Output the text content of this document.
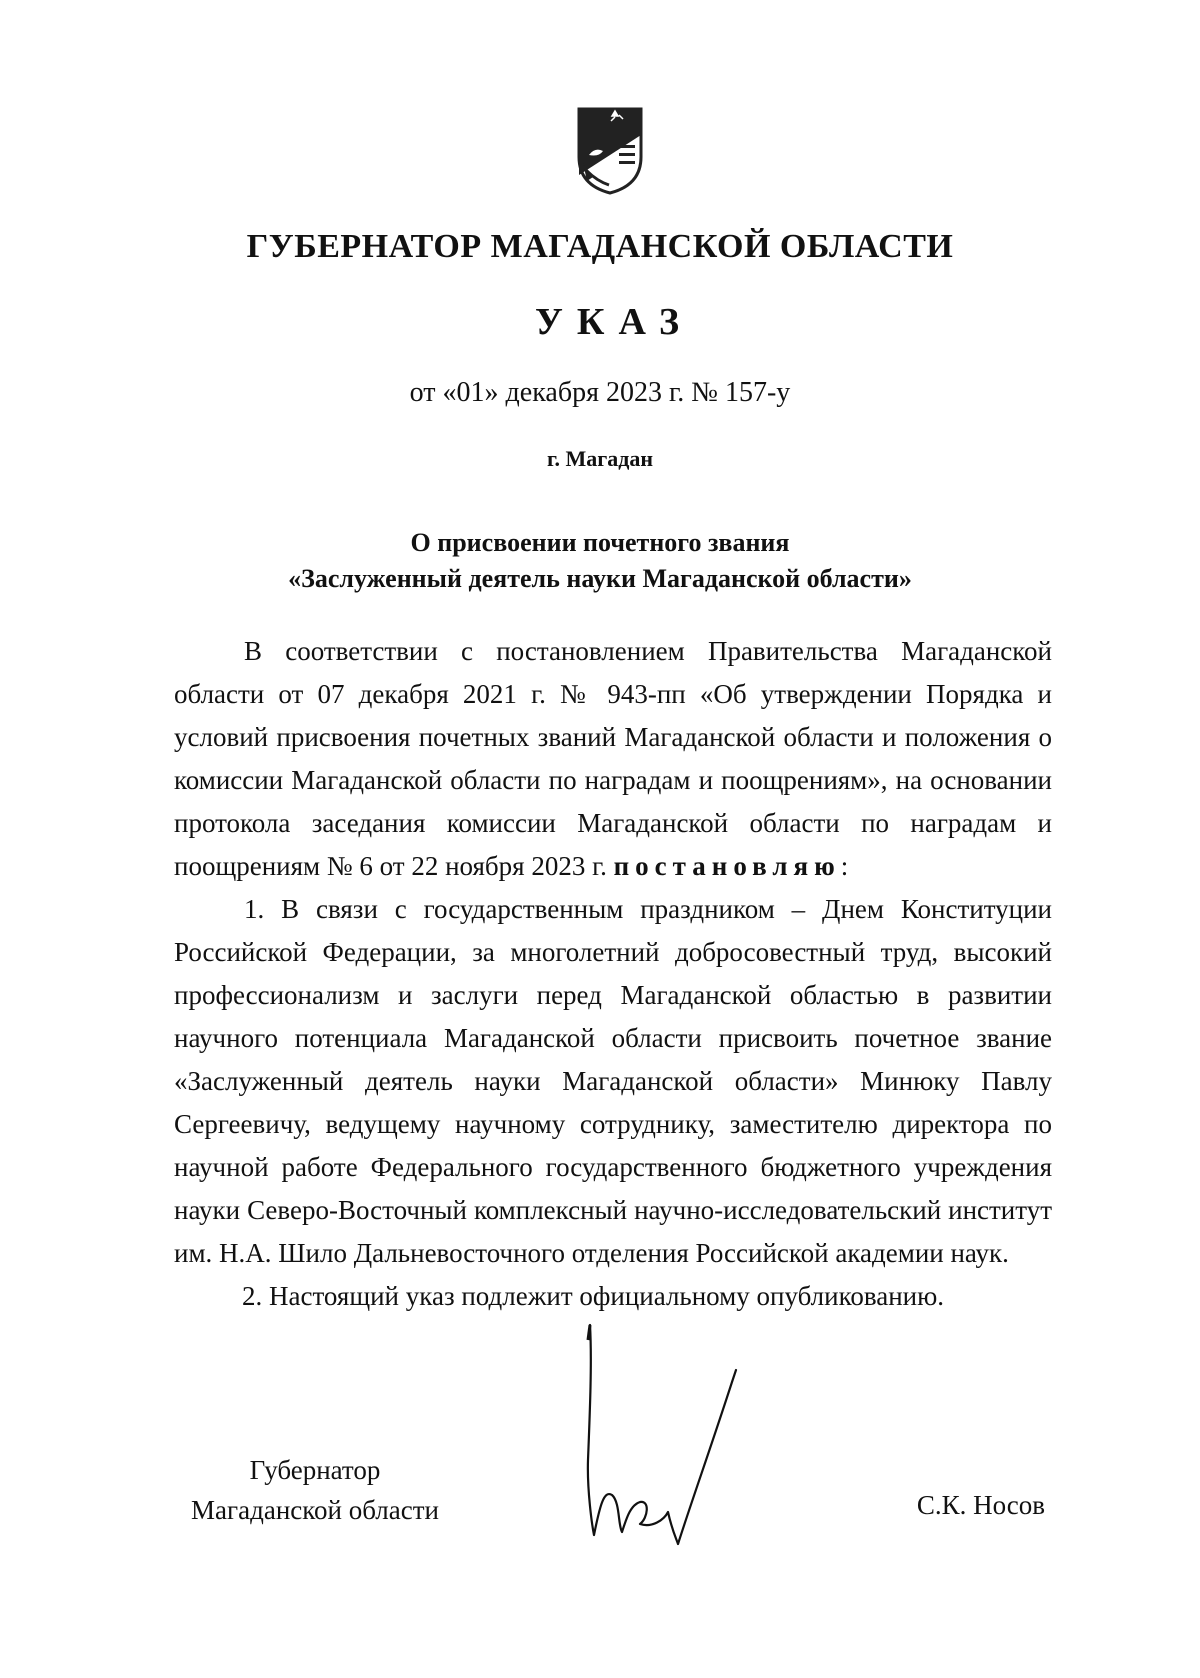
ГУБЕРНАТОР МАГАДАНСКОЙ ОБЛАСТИ
УКАЗ
от «01» декабря 2023 г. № 157-у
г. Магадан
О присвоении почетного звания
«Заслуженный деятель науки Магаданской области»

В соответствии с постановлением Правительства Магаданской области от 07 декабря 2021 г. № 943-пп «Об утверждении Порядка и условий присвоения почетных званий Магаданской области и положения о комиссии Магаданской области по наградам и поощрениям», на основании протокола заседания комиссии Магаданской области по наградам и поощрениям № 6 от 22 ноября 2023 г. постановляю:

1. В связи с государственным праздником – Днем Конституции Российской Федерации, за многолетний добросовестный труд, высокий профессионализм и заслуги перед Магаданской областью в развитии научного потенциала Магаданской области присвоить почетное звание «Заслуженный деятель науки Магаданской области» Минюку Павлу Сергеевичу, ведущему научному сотруднику, заместителю директора по научной работе Федерального государственного бюджетного учреждения науки Северо-Восточный комплексный научно-исследовательский институт им. Н.А. Шило Дальневосточного отделения Российской академии наук.

2. Настоящий указ подлежит официальному опубликованию.

Губернатор
Магаданской области	С.К. Носов
